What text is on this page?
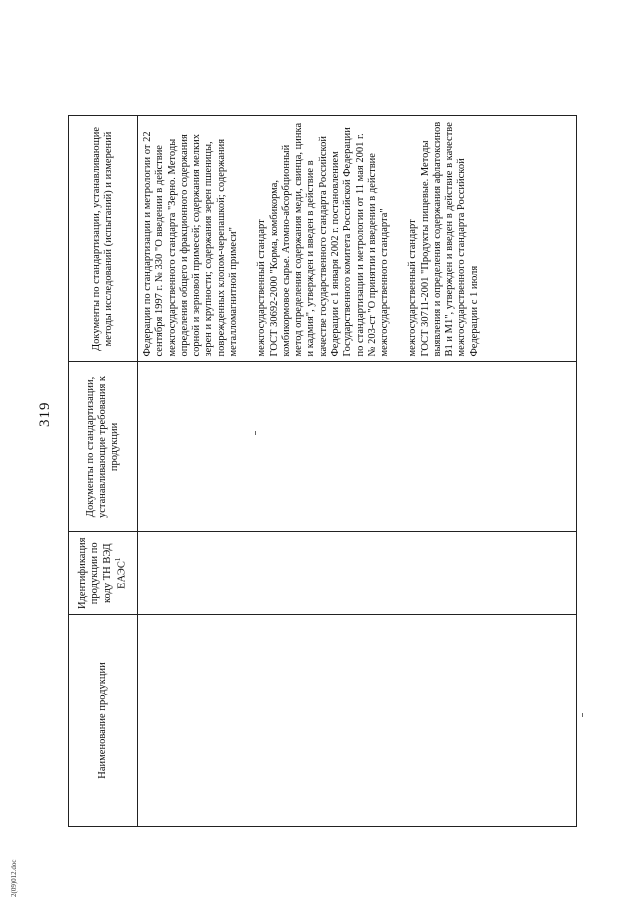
319
Наименование продукции	Идентификация продукции по коду ТН ВЭД ЕАЭС$^1$	Документы по стандартизации, устанавливающие требования к продукции	Документы по стандартизации, устанавливающие методы исследований (испытаний) и измерений

			Федерации по стандартизации и метрологии от 22 сентября 1997 г. № 330 "О введении в действие межгосударственного стандарта "Зерно. Методы определения общего и фракционного содержания сорной и зерновой примесей; содержания мелких зерен и крупности; содержания зерен пшеницы, поврежденных клопом-черепашкой; содержания металломагнитной примеси" межгосударственный стандарт ГОСТ 30692-2000 "Корма, комбикорма, комбикормовое сырье. Атомно-абсорбционный метод определения содержания меди, свинца, цинка и кадмия", утвержден и введен в действие в качестве государственного стандарта Российской Федерации с 1 января 2002 г. постановлением Государственного комитета Российской Федерации по стандартизации и метрологии от 11 мая 2001 г. № 203-ст "О принятии и введении в действие межгосударственного стандарта" межгосударственный стандарт ГОСТ 30711-2001 "Продукты пищевые. Методы выявления и определения содержания афлатоксинов B1 и M1", утвержден и введен в действие в качестве межгосударственного стандарта Российской Федерации с 1 июля
2(09)012.doc
